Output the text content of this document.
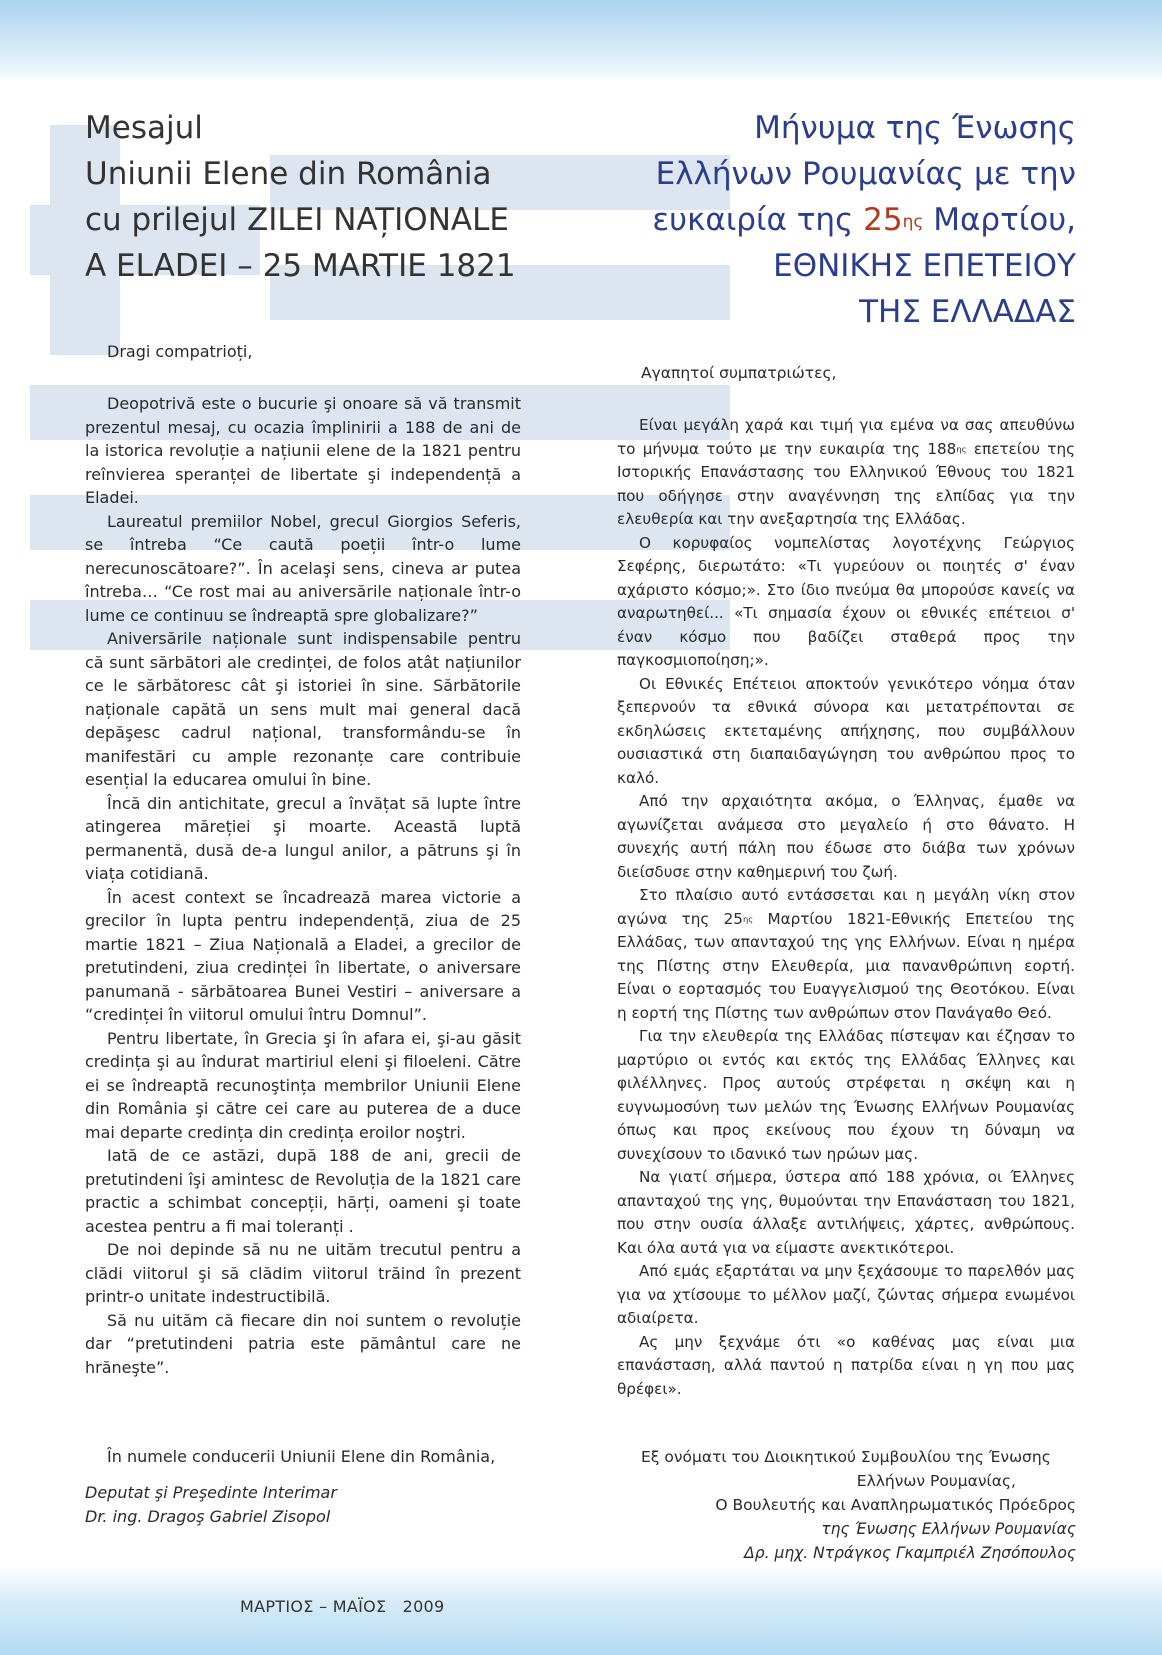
Mesajul
Uniunii Elene din România
cu prilejul ZILEI NAȚIONALE
A ELADEI – 25 MARTIE 1821
Dragi compatrioți,

Deopotrivă este o bucurie şi onoare să vă transmit prezentul mesaj, cu ocazia împlinirii a 188 de ani de la istorica revoluție a națiunii elene de la 1821 pentru reînvierea speranței de libertate şi independență a Eladei.

Laureatul premiilor Nobel, grecul Giorgios Seferis, se întreba “Ce caută poeții într-o lume nerecunoscătoare?”. În acelaşi sens, cineva ar putea întreba… “Ce rost mai au aniversările naționale într-o lume ce continuu se îndreaptă spre globalizare?”

Aniversările naționale sunt indispensabile pentru că sunt sărbători ale credinței, de folos atât națiunilor ce le sărbătoresc cât şi istoriei în sine. Sărbătorile naționale capătă un sens mult mai general dacă depăşesc cadrul național, transformându-se în manifestări cu ample rezonanțe care contribuie esențial la educarea omului în bine.

Încă din antichitate, grecul a învățat să lupte între atingerea măreției şi moarte. Această luptă permanentă, dusă de-a lungul anilor, a pătruns şi în viața cotidiană.

În acest context se încadrează marea victorie a grecilor în lupta pentru independență, ziua de 25 martie 1821 – Ziua Națională a Eladei, a grecilor de pretutindeni, ziua credinței în libertate, o aniversare panumană - sărbătoarea Bunei Vestiri – aniversare a “credinței în viitorul omului întru Domnul”.

Pentru libertate, în Grecia şi în afara ei, şi-au găsit credința şi au îndurat martiriul eleni şi filoeleni. Către ei se îndreaptă recunoştința membrilor Uniunii Elene din România şi către cei care au puterea de a duce mai departe credința din credința eroilor noştri.

Iată de ce astăzi, după 188 de ani, grecii de pretutindeni îşi amintesc de Revoluția de la 1821 care practic a schimbat concepții, hărți, oameni şi toate acestea pentru a fi mai toleranți .

De noi depinde să nu ne uităm trecutul pentru a clădi viitorul şi să clădim viitorul trăind în prezent printr-o unitate indestructibilă.

Să nu uităm că fiecare din noi suntem o revoluție dar “pretutindeni patria este pământul care ne hrăneşte”.

În numele conducerii Uniunii Elene din România,
Deputat şi Preşedinte Interimar
Dr. ing. Dragoş Gabriel Zisopol
Μήνυμα της Ένωσης
Ελλήνων Ρουμανίας με την
ευκαιρία της $25^{\eta\varsigma}$ Μαρτίου,
ΕΘΝΙΚΗΣ ΕΠΕΤΕΙΟΥ
ΤΗΣ ΕΛΛΑΔΑΣ
Αγαπητοί συμπατριώτες,

Είναι μεγάλη χαρά και τιμή για εμένα να σας απευθύνω το μήνυμα τούτο με την ευκαιρία της $188^{\eta\varsigma}$ επετείου της Ιστορικής Επανάστασης του Ελληνικού Έθνους του 1821 που οδήγησε στην αναγέννηση της ελπίδας για την ελευθερία και την ανεξαρτησία της Ελλάδας.

Ο κορυφαίος νομπελίστας λογοτέχνης Γεώργιος Σεφέρης, διερωτάτο: «Τι γυρεύουν οι ποιητές σ' έναν αχάριστο κόσμο;». Στο ίδιο πνεύμα θα μπορούσε κανείς να αναρωτηθεί... «Τι σημασία έχουν οι εθνικές επέτειοι σ' έναν κόσμο που βαδίζει σταθερά προς την παγκοσμιοποίηση;».

Οι Εθνικές Επέτειοι αποκτούν γενικότερο νόημα όταν ξεπερνούν τα εθνικά σύνορα και μετατρέπονται σε εκδηλώσεις εκτεταμένης απήχησης, που συμβάλλουν ουσιαστικά στη διαπαιδαγώγηση του ανθρώπου προς το καλό.

Από την αρχαιότητα ακόμα, ο Έλληνας, έμαθε να αγωνίζεται ανάμεσα στο μεγαλείο ή στο θάνατο. Η συνεχής αυτή πάλη που έδωσε στο διάβα των χρόνων διείσδυσε στην καθημερινή του ζωή.

Στο πλαίσιο αυτό εντάσσεται και η μεγάλη νίκη στον αγώνα της $25^{\eta\varsigma}$ Μαρτίου 1821-Εθνικής Επετείου της Ελλάδας, των απανταχού της γης Ελλήνων. Είναι η ημέρα της Πίστης στην Ελευθερία, μια πανανθρώπινη εορτή. Είναι ο εορτασμός του Ευαγγελισμού της Θεοτόκου. Είναι η εορτή της Πίστης των ανθρώπων στον Πανάγαθο Θεό.

Για την ελευθερία της Ελλάδας πίστεψαν και έζησαν το μαρτύριο οι εντός και εκτός της Ελλάδας Έλληνες και φιλέλληνες. Προς αυτούς στρέφεται η σκέψη και η ευγνωμοσύνη των μελών της Ένωσης Ελλήνων Ρουμανίας όπως και προς εκείνους που έχουν τη δύναμη να συνεχίσουν το ιδανικό των ηρώων μας.

Να γιατί σήμερα, ύστερα από 188 χρόνια, οι Έλληνες απανταχού της γης, θυμούνται την Επανάσταση του 1821, που στην ουσία άλλαξε αντιλήψεις, χάρτες, ανθρώπους. Και όλα αυτά για να είμαστε ανεκτικότεροι.

Από εμάς εξαρτάται να μην ξεχάσουμε το παρελθόν μας για να χτίσουμε το μέλλον μαζί, ζώντας σήμερα ενωμένοι αδιαίρετα.

Ας μην ξεχνάμε ότι «ο καθένας μας είναι μια επανάσταση, αλλά παντού η πατρίδα είναι η γη που μας θρέφει».

Εξ ονόματι του Διοικητικού Συμβουλίου της Ένωσης
Ελλήνων Ρουμανίας,
Ο Βουλευτής και Αναπληρωματικός Πρόεδρος
της Ένωσης Ελλήνων Ρουμανίας
Δρ. μηχ. Ντράγκος Γκαμπριέλ Ζησόπουλος
ΜΑΡΤΙΟΣ – ΜΑΪΟΣ   2009
